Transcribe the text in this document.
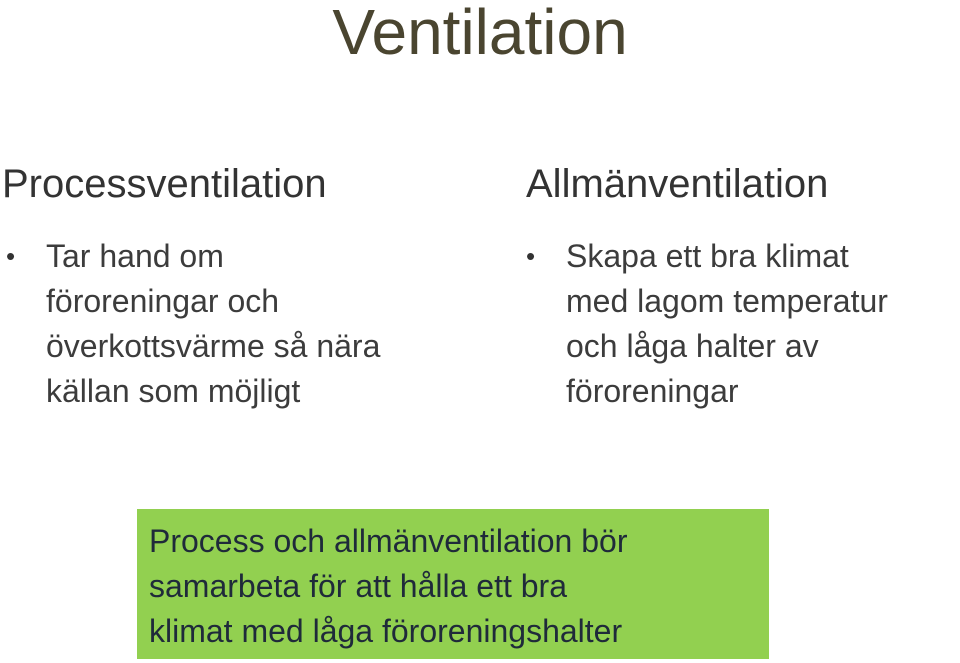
Ventilation
Processventilation
• Tar hand om
föroreningar och
överkottsvärme så nära
källan som möjligt
Allmänventilation
• Skapa ett bra klimat
med lagom temperatur
och låga halter av
föroreningar
Process och allmänventilation bör
samarbeta för att hålla ett bra
klimat med låga föroreningshalter
